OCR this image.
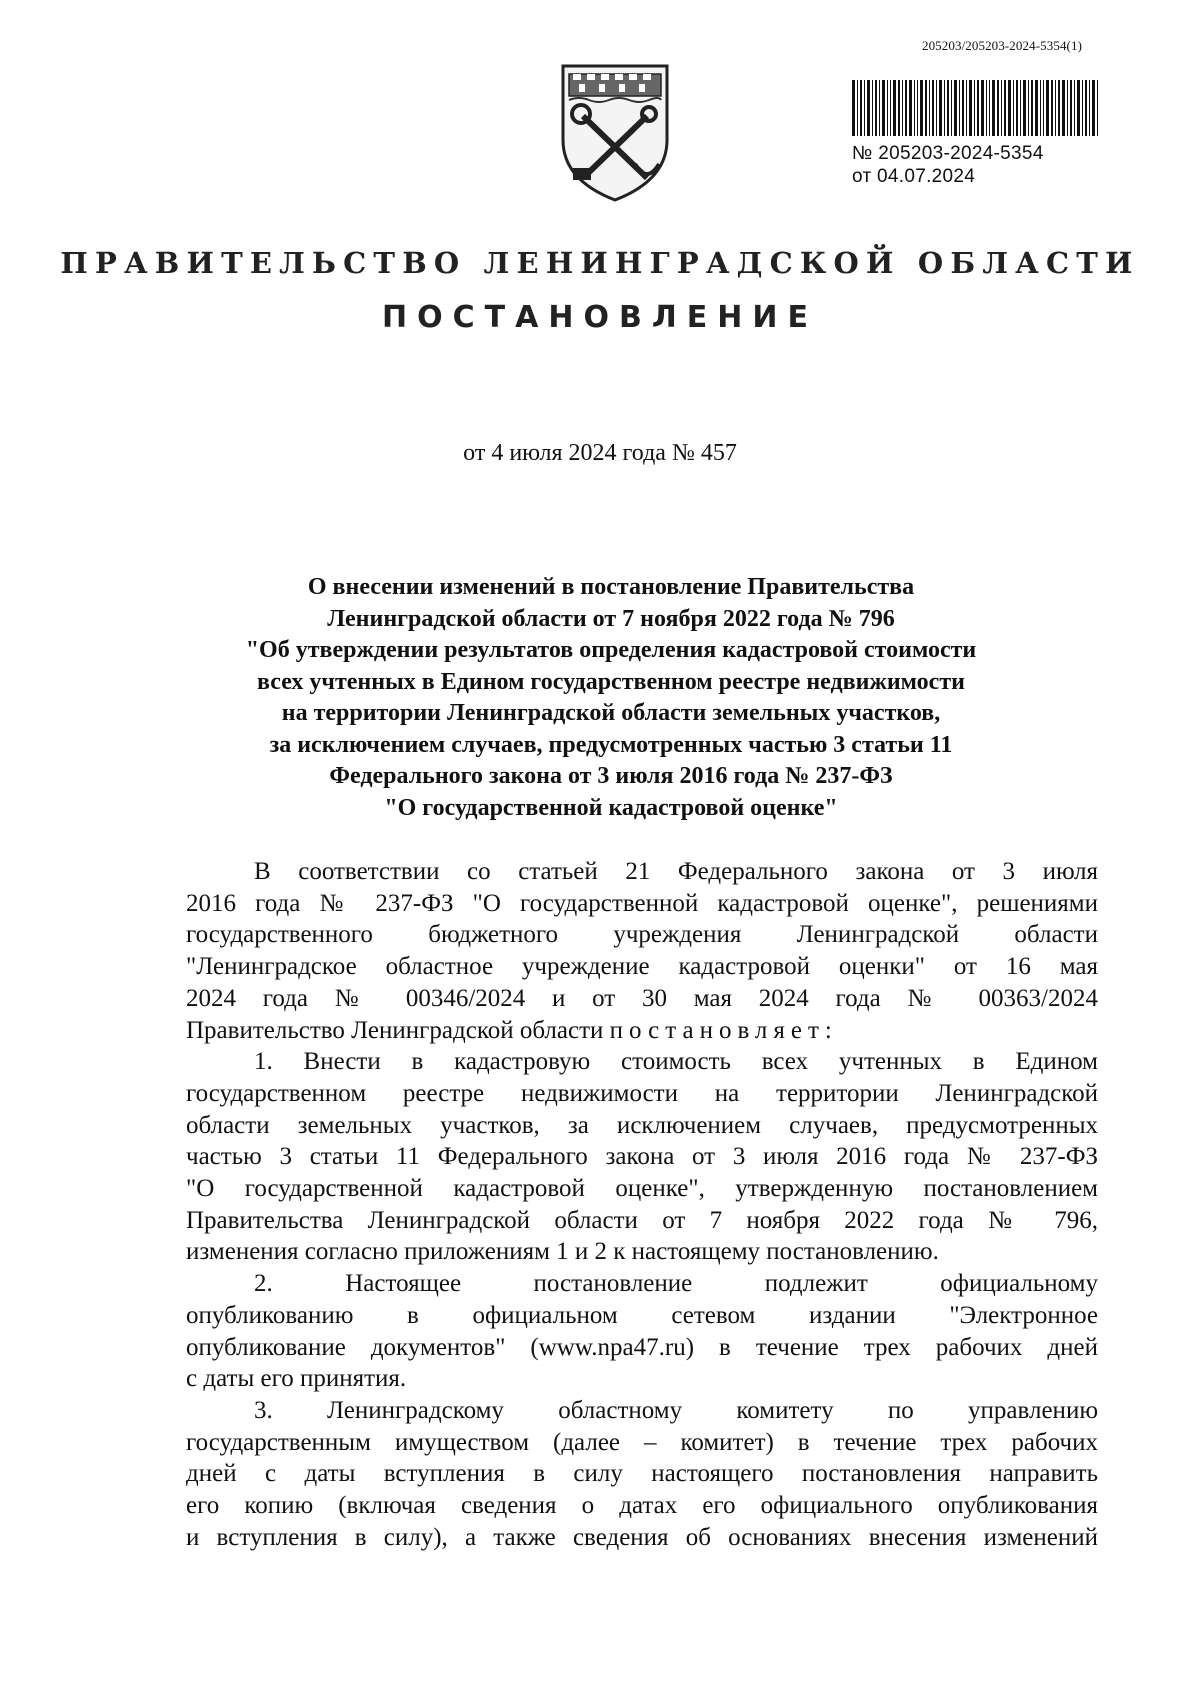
205203/205203-2024-5354(1)
№ 205203-2024-5354
от 04.07.2024
ПРАВИТЕЛЬСТВО ЛЕНИНГРАДСКОЙ ОБЛАСТИ
ПОСТАНОВЛЕНИЕ
от 4 июля 2024 года № 457
О внесении изменений в постановление Правительства
Ленинградской области от 7 ноября 2022 года № 796
"Об утверждении результатов определения кадастровой стоимости
всех учтенных в Едином государственном реестре недвижимости
на территории Ленинградской области земельных участков,
за исключением случаев, предусмотренных частью 3 статьи 11
Федерального закона от 3 июля 2016 года № 237-ФЗ
"О государственной кадастровой оценке"
В соответствии со статьей 21 Федерального закона от 3 июля
2016 года № 237-ФЗ "О государственной кадастровой оценке", решениями
государственного бюджетного учреждения Ленинградской области
"Ленинградское областное учреждение кадастровой оценки" от 16 мая
2024 года № 00346/2024 и от 30 мая 2024 года № 00363/2024
Правительство Ленинградской области постановляет:
1. Внести в кадастровую стоимость всех учтенных в Едином
государственном реестре недвижимости на территории Ленинградской
области земельных участков, за исключением случаев, предусмотренных
частью 3 статьи 11 Федерального закона от 3 июля 2016 года № 237-ФЗ
"О государственной кадастровой оценке", утвержденную постановлением
Правительства Ленинградской области от 7 ноября 2022 года № 796,
изменения согласно приложениям 1 и 2 к настоящему постановлению.
2. Настоящее постановление подлежит официальному
опубликованию в официальном сетевом издании "Электронное
опубликование документов" (www.npa47.ru) в течение трех рабочих дней
с даты его принятия.
3. Ленинградскому областному комитету по управлению
государственным имуществом (далее – комитет) в течение трех рабочих
дней с даты вступления в силу настоящего постановления направить
его копию (включая сведения о датах его официального опубликования
и вступления в силу), а также сведения об основаниях внесения изменений
